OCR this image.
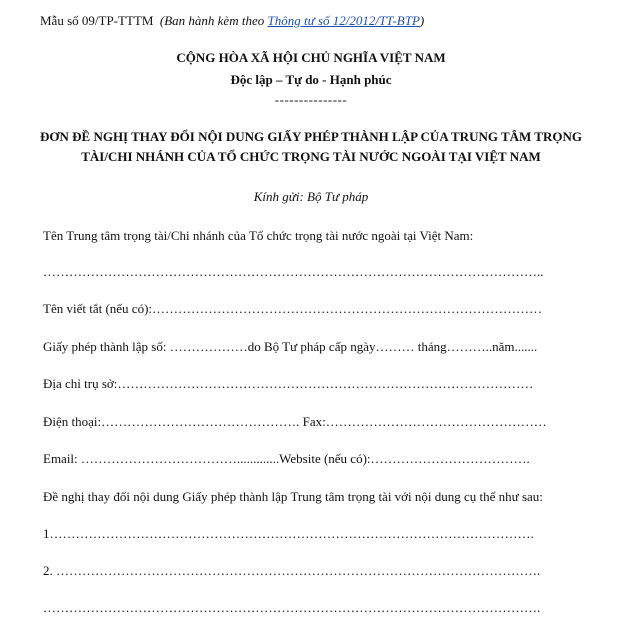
Mẫu số 09/TP-TTTM (Ban hành kèm theo Thông tư số 12/2012/TT-BTP)
CỘNG HÒA XÃ HỘI CHỦ NGHĨA VIỆT NAM
Độc lập – Tự do - Hạnh phúc
---------------
ĐƠN ĐỀ NGHỊ THAY ĐỔI NỘI DUNG GIẤY PHÉP THÀNH LẬP CỦA TRUNG TÂM TRỌNG
TÀI/CHI NHÁNH CỦA TỔ CHỨC TRỌNG TÀI NƯỚC NGOÀI TẠI VIỆT NAM
Kính gửi: Bộ Tư pháp
Tên Trung tâm trọng tài/Chi nhánh của Tổ chức trọng tài nước ngoài tại Việt Nam:
……………………………………………………………………………………………………..
Tên viết tắt (nếu có):………………………………………………………………………………
Giấy phép thành lập số: ………………do Bộ Tư pháp cấp ngày……… tháng………..năm.......
Địa chỉ trụ sở:……………………………………………………………………………………
Điện thoại:………………………………………. Fax:……………………………………………
Email: ……………………………….............Website (nếu có):……………………………….
Đề nghị thay đổi nội dung Giấy phép thành lập Trung tâm trọng tài với nội dung cụ thể như sau:
1………………………………………………………………………………………………….
2. ………………………………………………………………………………………………….
…………………………………………………………………………………………………….
